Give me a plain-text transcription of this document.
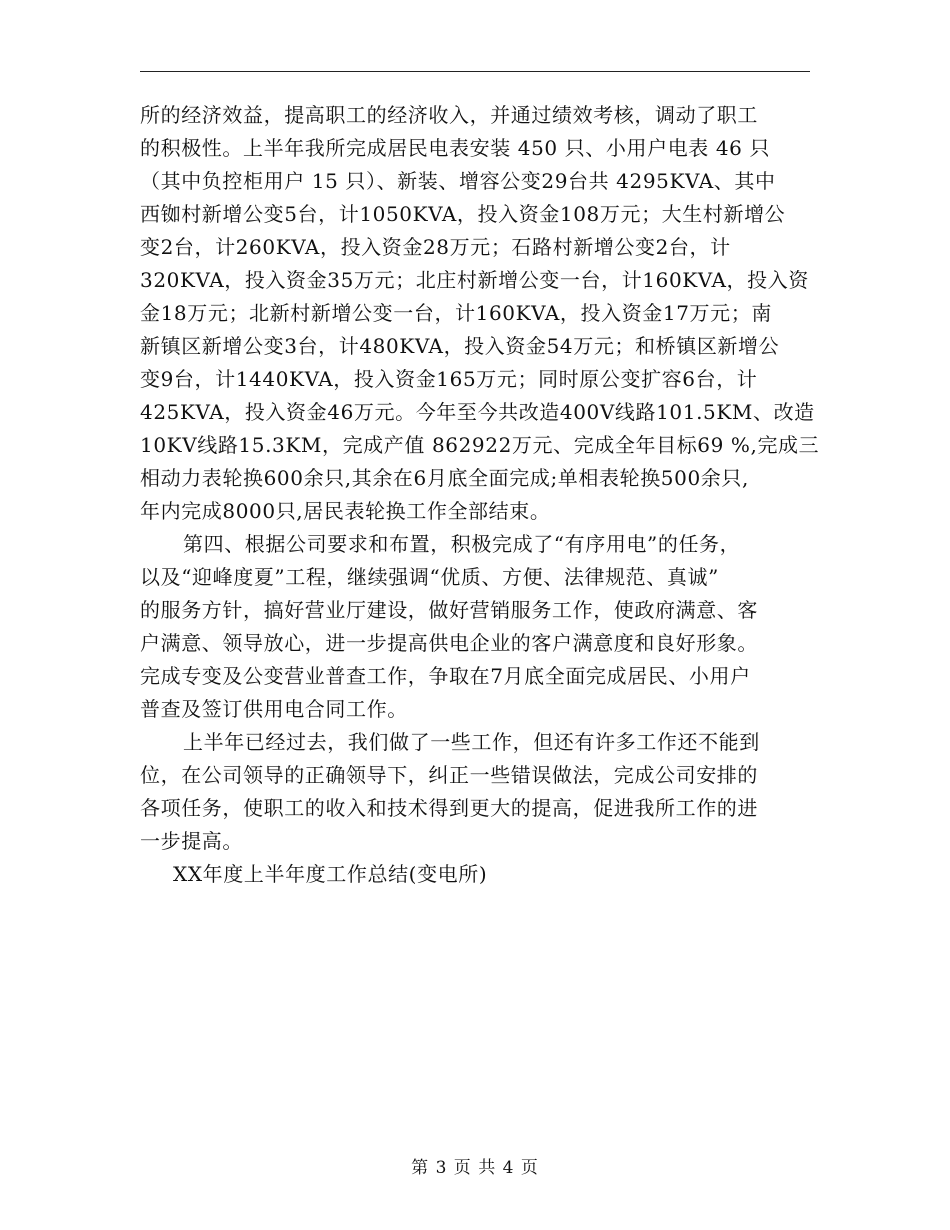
所的经济效益，提高职工的经济收入，并通过绩效考核，调动了职工
的积极性。上半年我所完成居民电表安装 450 只、小用户电表 46 只
（其中负控柜用户 15 只）、新装、增容公变29台共 4295KVA、其中
西铷村新增公变5台，计1050KVA，投入资金108万元；大生村新增公
变2台，计260KVA，投入资金28万元；石路村新增公变2台，计
320KVA，投入资金35万元；北庄村新增公变一台，计160KVA，投入资
金18万元；北新村新增公变一台，计160KVA，投入资金17万元；南
新镇区新增公变3台，计480KVA，投入资金54万元；和桥镇区新增公
变9台，计1440KVA，投入资金165万元；同时原公变扩容6台，计
425KVA，投入资金46万元。今年至今共改造400V线路101.5KM、改造
10KV线路15.3KM，完成产值 862922万元、完成全年目标69 %,完成三
相动力表轮换600余只,其余在6月底全面完成;单相表轮换500余只,
年内完成8000只,居民表轮换工作全部结束。
第四、根据公司要求和布置，积极完成了“有序用电”的任务，
以及“迎峰度夏”工程，继续强调“优质、方便、法律规范、真诚”
的服务方针，搞好营业厅建设，做好营销服务工作，使政府满意、客
户满意、领导放心，进一步提高供电企业的客户满意度和良好形象。
完成专变及公变营业普查工作，争取在7月底全面完成居民、小用户
普查及签订供用电合同工作。
上半年已经过去，我们做了一些工作，但还有许多工作还不能到
位，在公司领导的正确领导下，纠正一些错误做法，完成公司安排的
各项任务，使职工的收入和技术得到更大的提高，促进我所工作的进
一步提高。
XX年度上半年度工作总结(变电所)
第 3 页 共 4 页
